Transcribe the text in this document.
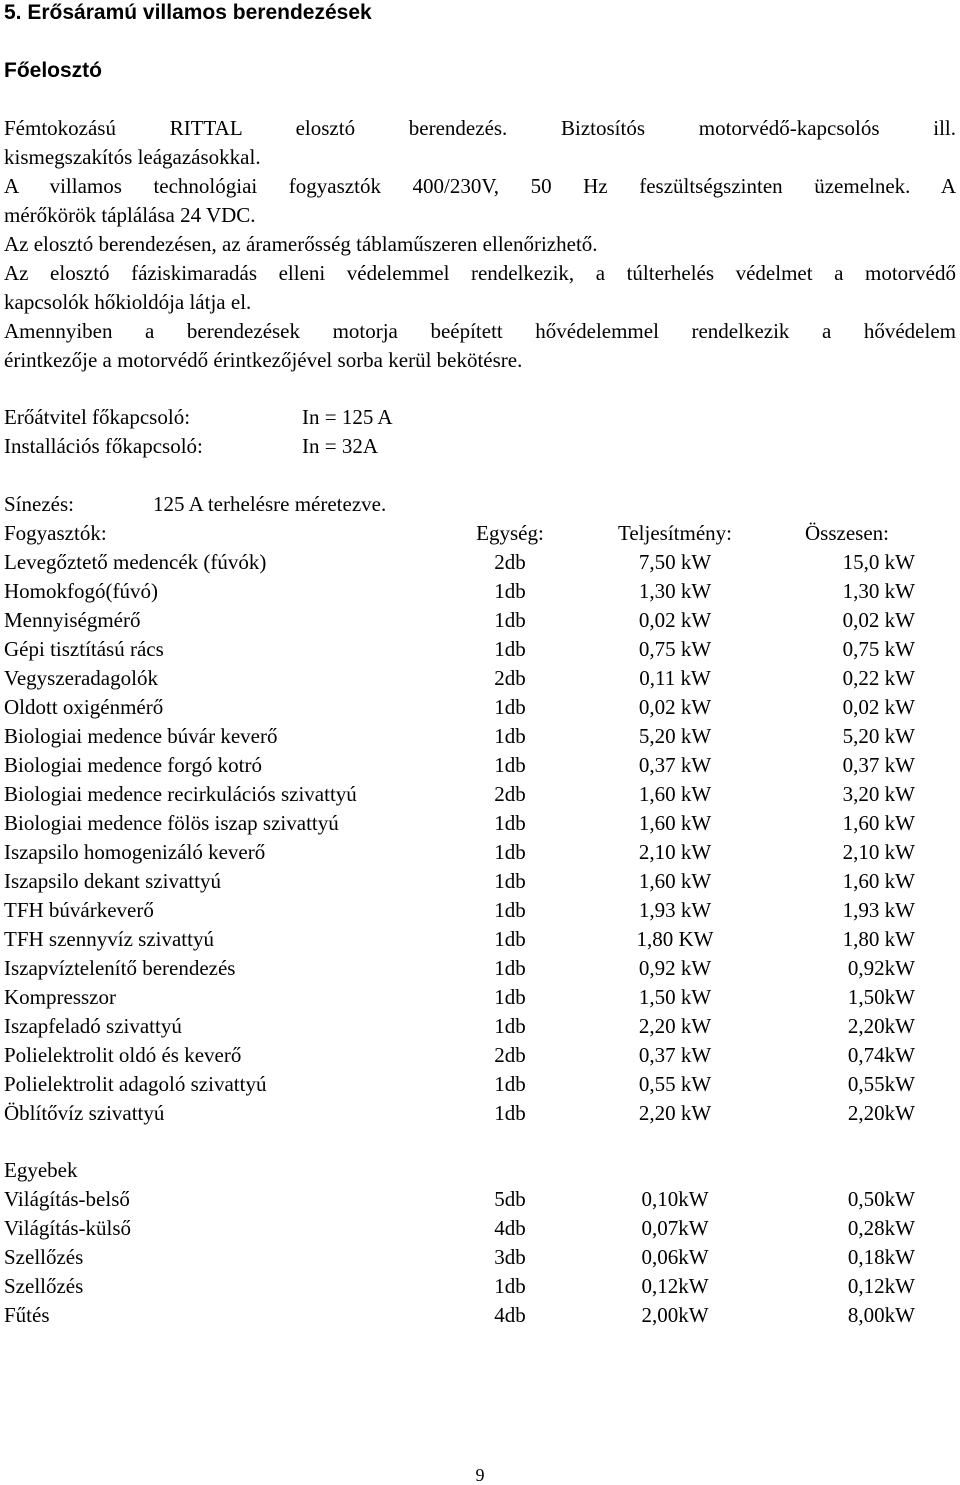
5. Erősáramú villamos berendezések
Főelosztó
Fémtokozású RITTAL elosztó berendezés. Biztosítós motorvédő-kapcsolós ill.
kismegszakítós leágazásokkal.
A villamos technológiai fogyasztók 400/230V, 50 Hz feszültségszinten üzemelnek. A
mérőkörök táplálása 24 VDC.
Az elosztó berendezésen, az áramerősség táblaműszeren ellenőrizhető.
Az elosztó fáziskimaradás elleni védelemmel rendelkezik, a túlterhelés védelmet a motorvédő
kapcsolók hőkioldója látja el.
Amennyiben a berendezések motorja beépített hővédelemmel rendelkezik a hővédelem
érintkezője a motorvédő érintkezőjével sorba kerül bekötésre.
Erőátvitel főkapcsoló:	In = 125 A
Installációs főkapcsoló:	In = 32A
Sínezés:	125 A terhelésre méretezve.
Fogyasztók:	Egység:	Teljesítmény:	Összesen:
Levegőztető medencék (fúvók)	2db	7,50 kW	15,0 kW
Homokfogó(fúvó)	1db	1,30 kW	1,30 kW
Mennyiségmérő	1db	0,02 kW	0,02 kW
Gépi tisztítású rács	1db	0,75 kW	0,75 kW
Vegyszeradagolók	2db	0,11 kW	0,22 kW
Oldott oxigénmérő	1db	0,02 kW	0,02 kW
Biologiai medence búvár keverő	1db	5,20 kW	5,20 kW
Biologiai medence forgó kotró	1db	0,37 kW	0,37 kW
Biologiai medence recirkulációs szivattyú	2db	1,60 kW	3,20 kW
Biologiai medence fölös iszap szivattyú	1db	1,60 kW	1,60 kW
Iszapsilo homogenizáló keverő	1db	2,10 kW	2,10 kW
Iszapsilo dekant szivattyú	1db	1,60 kW	1,60 kW
TFH búvárkeverő	1db	1,93 kW	1,93 kW
TFH szennyvíz szivattyú	1db	1,80 KW	1,80 kW
Iszapvíztelenítő berendezés	1db	0,92 kW	0,92kW
Kompresszor	1db	1,50 kW	1,50kW
Iszapfeladó szivattyú	1db	2,20 kW	2,20kW
Polielektrolit oldó és keverő	2db	0,37 kW	0,74kW
Polielektrolit adagoló szivattyú	1db	0,55 kW	0,55kW
Öblítővíz szivattyú	1db	2,20 kW	2,20kW
Egyebek
Világítás-belső	5db	0,10kW	0,50kW
Világítás-külső	4db	0,07kW	0,28kW
Szellőzés	3db	0,06kW	0,18kW
Szellőzés	1db	0,12kW	0,12kW
Fűtés	4db	2,00kW	8,00kW
9
